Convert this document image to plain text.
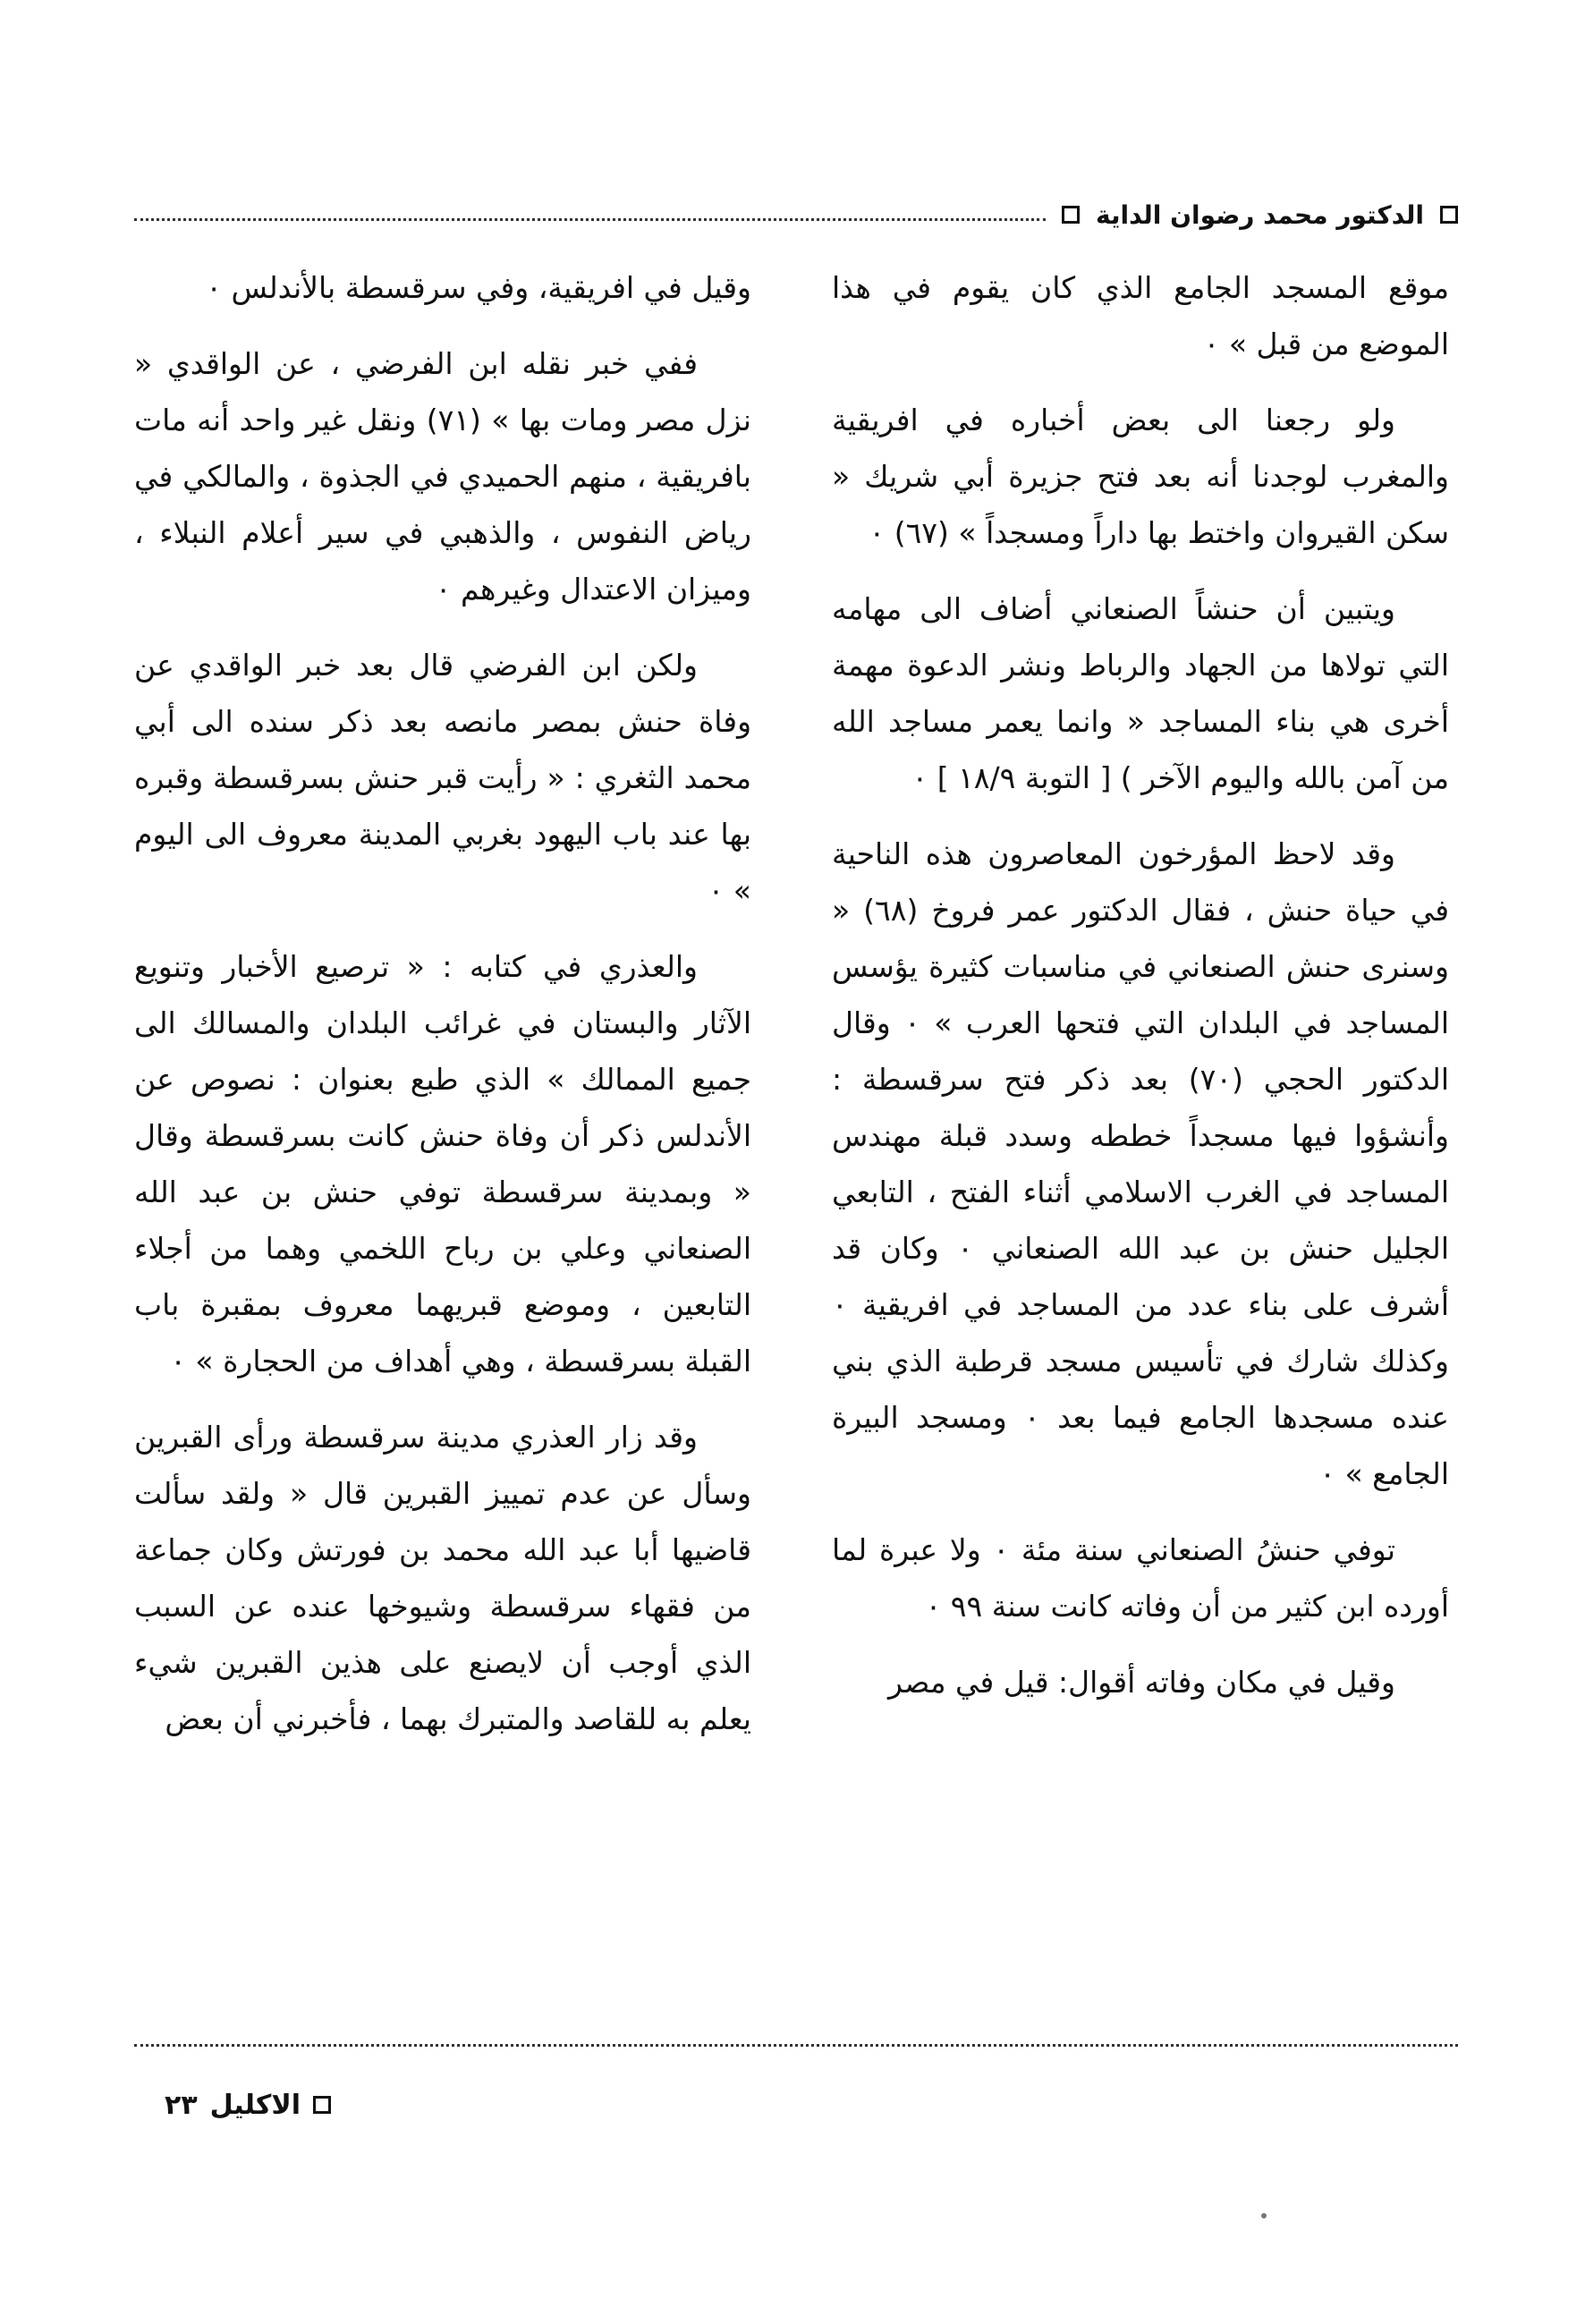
الدكتور محمد رضوان الداية

موقع المسجد الجامع الذي كان يقوم في هذا الموضع من قبل » ٠

ولو رجعنا الى بعض أخباره في افريقية والمغرب لوجدنا أنه بعد فتح جزيرة أبي شريك « سكن القيروان واختط بها داراً ومسجداً » (٦٧) ٠

ويتبين أن حنشاً الصنعاني أضاف الى مهامه التي تولاها من الجهاد والرباط ونشر الدعوة مهمة أخرى هي بناء المساجد « وانما يعمر مساجد الله من آمن بالله واليوم الآخر ) [ التوبة ١٨/٩ ] ٠

وقد لاحظ المؤرخون المعاصرون هذه الناحية في حياة حنش ، فقال الدكتور عمر فروخ (٦٨) « وسنرى حنش الصنعاني في مناسبات كثيرة يؤسس المساجد في البلدان التي فتحها العرب » ٠ وقال الدكتور الحجي (٧٠) بعد ذكر فتح سرقسطة : وأنشؤوا فيها مسجداً خططه وسدد قبلة مهندس المساجد في الغرب الاسلامي أثناء الفتح ، التابعي الجليل حنش بن عبد الله الصنعاني ٠ وكان قد أشرف على بناء عدد من المساجد في افريقية ٠ وكذلك شارك في تأسيس مسجد قرطبة الذي بني عنده مسجدها الجامع فيما بعد ٠ ومسجد البيرة الجامع » ٠

توفي حنشُ الصنعاني سنة مئة ٠ ولا عبرة لما أورده ابن كثير من أن وفاته كانت سنة ٩٩ ٠

وقيل في مكان وفاته أقوال: قيل في مصر

وقيل في افريقية، وفي سرقسطة بالأندلس ٠

ففي خبر نقله ابن الفرضي ، عن الواقدي « نزل مصر ومات بها » (٧١) ونقل غير واحد أنه مات بافريقية ، منهم الحميدي في الجذوة ، والمالكي في رياض النفوس ، والذهبي في سير أعلام النبلاء ، وميزان الاعتدال وغيرهم ٠

ولكن ابن الفرضي قال بعد خبر الواقدي عن وفاة حنش بمصر مانصه بعد ذكر سنده الى أبي محمد الثغري : « رأيت قبر حنش بسرقسطة وقبره بها عند باب اليهود بغربي المدينة معروف الى اليوم » ٠

والعذري في كتابه : « ترصيع الأخبار وتنويع الآثار والبستان في غرائب البلدان والمسالك الى جميع الممالك » الذي طبع بعنوان : نصوص عن الأندلس ذكر أن وفاة حنش كانت بسرقسطة وقال « وبمدينة سرقسطة توفي حنش بن عبد الله الصنعاني وعلي بن رباح اللخمي وهما من أجلاء التابعين ، وموضع قبريهما معروف بمقبرة باب القبلة بسرقسطة ، وهي أهداف من الحجارة » ٠

وقد زار العذري مدينة سرقسطة ورأى القبرين وسأل عن عدم تمييز القبرين قال « ولقد سألت قاضيها أبا عبد الله محمد بن فورتش وكان جماعة من فقهاء سرقسطة وشيوخها عنده عن السبب الذي أوجب أن لايصنع على هذين القبرين شيء يعلم به للقاصد والمتبرك بهما ، فأخبرني أن بعض

الاكليل
٢٣
